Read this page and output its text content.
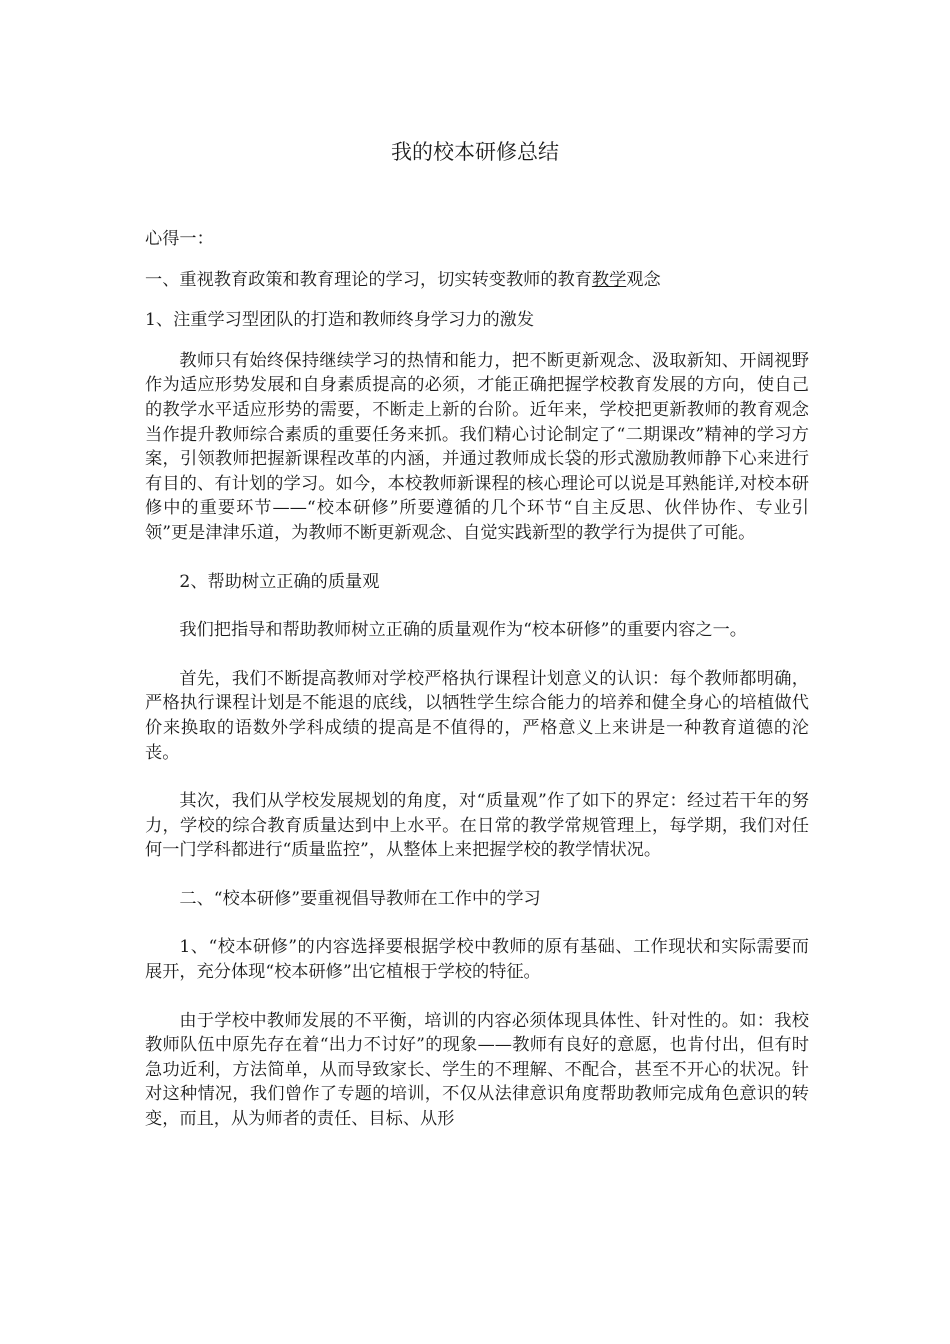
我的校本研修总结

心得一：

一、重视教育政策和教育理论的学习，切实转变教师的教育教学观念

1、注重学习型团队的打造和教师终身学习力的激发

教师只有始终保持继续学习的热情和能力，把不断更新观念、汲取新知、开阔视野作为适应形势发展和自身素质提高的必须，才能正确把握学校教育发展的方向，使自己的教学水平适应形势的需要，不断走上新的台阶。近年来，学校把更新教师的教育观念当作提升教师综合素质的重要任务来抓。我们精心讨论制定了“二期课改”精神的学习方案，引领教师把握新课程改革的内涵，并通过教师成长袋的形式激励教师静下心来进行有目的、有计划的学习。如今，本校教师新课程的核心理论可以说是耳熟能详,对校本研修中的重要环节——“校本研修”所要遵循的几个环节“自主反思、伙伴协作、专业引领”更是津津乐道，为教师不断更新观念、自觉实践新型的教学行为提供了可能。

2、帮助树立正确的质量观

我们把指导和帮助教师树立正确的质量观作为“校本研修”的重要内容之一。

首先，我们不断提高教师对学校严格执行课程计划意义的认识：每个教师都明确，严格执行课程计划是不能退的底线，以牺牲学生综合能力的培养和健全身心的培植做代价来换取的语数外学科成绩的提高是不值得的，严格意义上来讲是一种教育道德的沦丧。

其次，我们从学校发展规划的角度，对“质量观”作了如下的界定：经过若干年的努力，学校的综合教育质量达到中上水平。在日常的教学常规管理上，每学期，我们对任何一门学科都进行“质量监控”，从整体上来把握学校的教学情状况。

二、“校本研修”要重视倡导教师在工作中的学习

1、“校本研修”的内容选择要根据学校中教师的原有基础、工作现状和实际需要而展开，充分体现“校本研修”出它植根于学校的特征。

由于学校中教师发展的不平衡，培训的内容必须体现具体性、针对性的。如：我校教师队伍中原先存在着“出力不讨好”的现象——教师有良好的意愿，也肯付出，但有时急功近利，方法简单，从而导致家长、学生的不理解、不配合，甚至不开心的状况。针对这种情况，我们曾作了专题的培训，不仅从法律意识角度帮助教师完成角色意识的转变，而且，从为师者的责任、目标、从形
